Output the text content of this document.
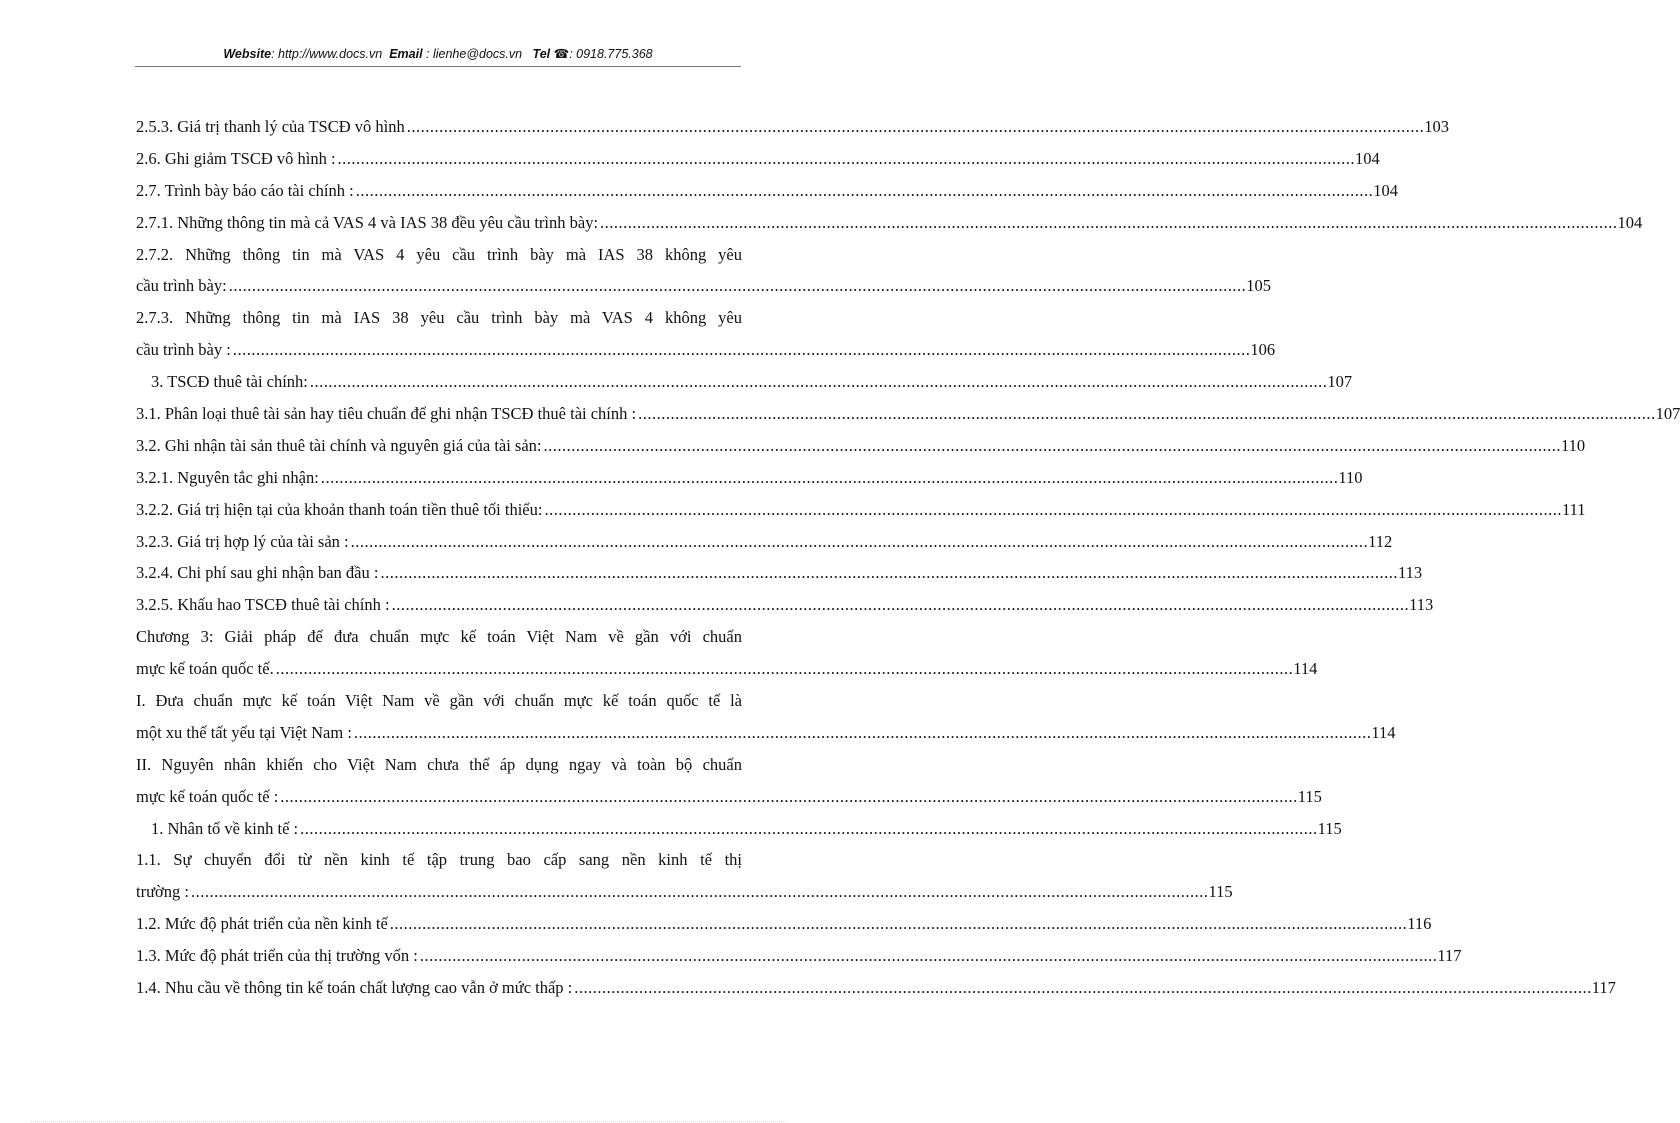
Website: http://www.docs.vn Email : lienhe@docs.vn Tel ☎: 0918.775.368
2.5.3. Giá trị thanh lý của TSCĐ vô hình ............................................................................................................................................................................................................................ 103
2.6. Ghi giảm TSCĐ vô hình : ............................................................................................................................................................................................................................ 104
2.7. Trình bày báo cáo tài chính : ............................................................................................................................................................................................................................ 104
2.7.1. Những thông tin mà cả VAS 4 và IAS 38 đều yêu cầu trình bày: ............................................................................................................................................................................................................................ 104
2.7.2. Những thông tin mà VAS 4 yêu cầu trình bày mà IAS 38 không yêu
cầu trình bày: ............................................................................................................................................................................................................................ 105
2.7.3. Những thông tin mà IAS 38 yêu cầu trình bày mà VAS 4 không yêu
cầu trình bày : ............................................................................................................................................................................................................................ 106
3. TSCĐ thuê tài chính: ............................................................................................................................................................................................................................ 107
3.1. Phân loại thuê tài sản hay tiêu chuẩn để ghi nhận TSCĐ thuê tài chính : ............................................................................................................................................................................................................................ 107
3.2. Ghi nhận tài sản thuê tài chính và nguyên giá của tài sản: ............................................................................................................................................................................................................................ 110
3.2.1. Nguyên tắc ghi nhận: ............................................................................................................................................................................................................................ 110
3.2.2. Giá trị hiện tại của khoản thanh toán tiền thuê tối thiểu: ............................................................................................................................................................................................................................ 111
3.2.3. Giá trị hợp lý của tài sản : ............................................................................................................................................................................................................................ 112
3.2.4. Chi phí sau ghi nhận ban đầu : ............................................................................................................................................................................................................................ 113
3.2.5. Khấu hao TSCĐ thuê tài chính : ............................................................................................................................................................................................................................ 113
Chương 3: Giải pháp để đưa chuẩn mực kế toán Việt Nam về gần với chuẩn
mực kế toán quốc tế. ............................................................................................................................................................................................................................ 114
I. Đưa chuẩn mực kế toán Việt Nam về gần với chuẩn mực kế toán quốc tế là
một xu thế tất yếu tại Việt Nam : ............................................................................................................................................................................................................................ 114
II. Nguyên nhân khiến cho Việt Nam chưa thể áp dụng ngay và toàn bộ chuẩn
mực kế toán quốc tế : ............................................................................................................................................................................................................................ 115
1. Nhân tố về kinh tế : ............................................................................................................................................................................................................................ 115
1.1. Sự chuyển đổi từ nền kinh tế tập trung bao cấp sang nền kinh tế thị
trường : ............................................................................................................................................................................................................................ 115
1.2. Mức độ phát triển của nền kinh tế ............................................................................................................................................................................................................................ 116
1.3. Mức độ phát triển của thị trường vốn : ............................................................................................................................................................................................................................ 117
1.4. Nhu cầu về thông tin kế toán chất lượng cao vẫn ở mức thấp : ............................................................................................................................................................................................................................ 117
